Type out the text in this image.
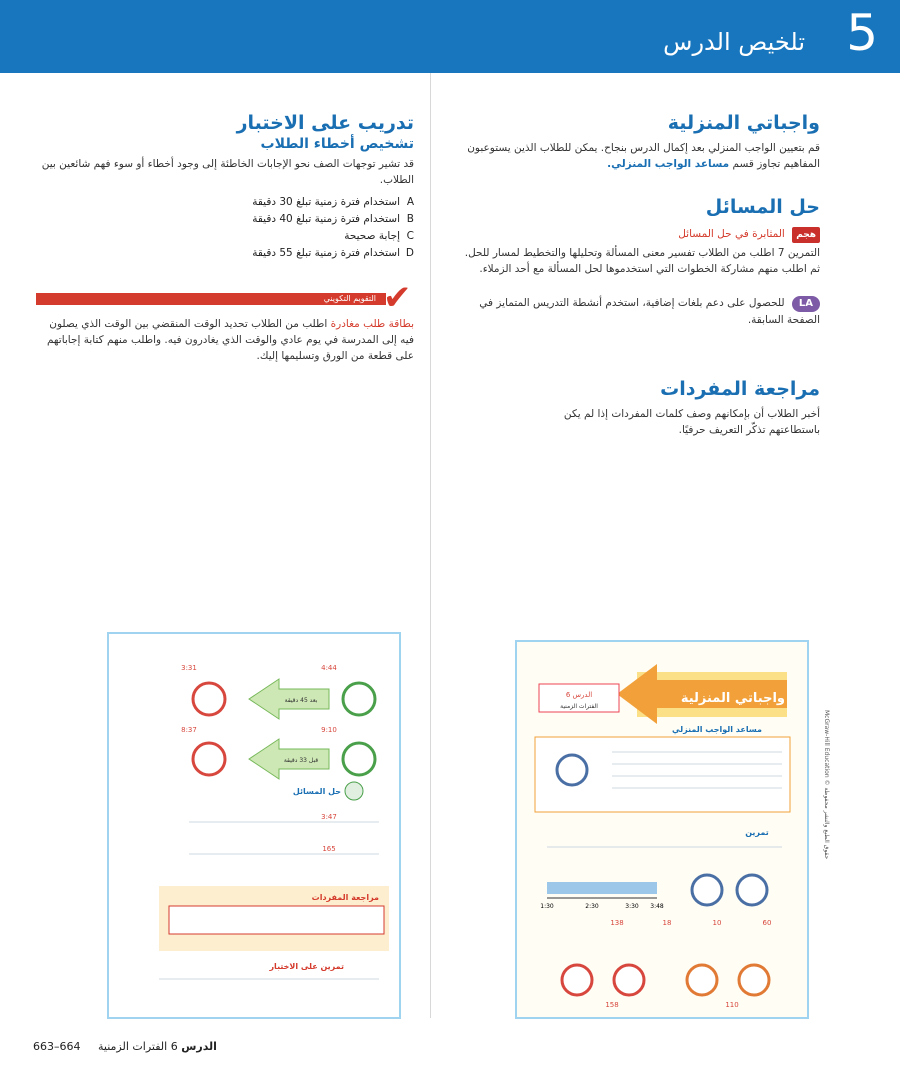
5
تلخيص الدرس
واجباتي المنزلية
قم بتعيين الواجب المنزلي بعد إكمال الدرس بنجاح. يمكن للطلاب الذين يستوعبون المفاهيم تجاوز قسم مساعد الواجب المنزلي.
حل المسائل
هجم المثابرة في حل المسائل
التمرين 7 اطلب من الطلاب تفسير معنى المسألة وتحليلها والتخطيط لمسار للحل. ثم اطلب منهم مشاركة الخطوات التي استخدموها لحل المسألة مع أحد الزملاء.
LA للحصول على دعم بلغات إضافية، استخدم أنشطة التدريس المتمايز في الصفحة السابقة.
مراجعة المفردات
أخبر الطلاب أن بإمكانهم وصف كلمات المفردات إذا لم يكن باستطاعتهم تذكّر التعريف حرفيًا.
تدريب على الاختبار
تشخيص أخطاء الطلاب
قد تشير توجهات الصف نحو الإجابات الخاطئة إلى وجود أخطاء أو سوء فهم شائعين بين الطلاب.
Aاستخدام فترة زمنية تبلغ 30 دقيقة
Bاستخدام فترة زمنية تبلغ 40 دقيقة
Cإجابة صحيحة
Dاستخدام فترة زمنية تبلغ 55 دقيقة
التقويم التكويني ✔
بطاقة طلب مغادرة اطلب من الطلاب تحديد الوقت المنقضي بين الوقت الذي يصلون فيه إلى المدرسة في يوم عادي والوقت الذي يغادرون فيه. واطلب منهم كتابة إجاباتهم على قطعة من الورق وتسليمها إليك.
واجباتي المنزلية
الدرس 6
الفترات الزمنية
مساعد الواجب المنزلي
تمرين
1:30	2:30	3:30 3:48
60
10
18
138
110
158
4:44
3:31
9:10
8:37
بعد 45 دقيقة
قبل 33 دقيقة
حل المسائل
3:47
165
مراجعة المفردات
تمرين على الاختبار
McGraw-Hill Education © حقوق الطبع والنشر محفوظة
663–664	الدرس 6 الفترات الزمنية
